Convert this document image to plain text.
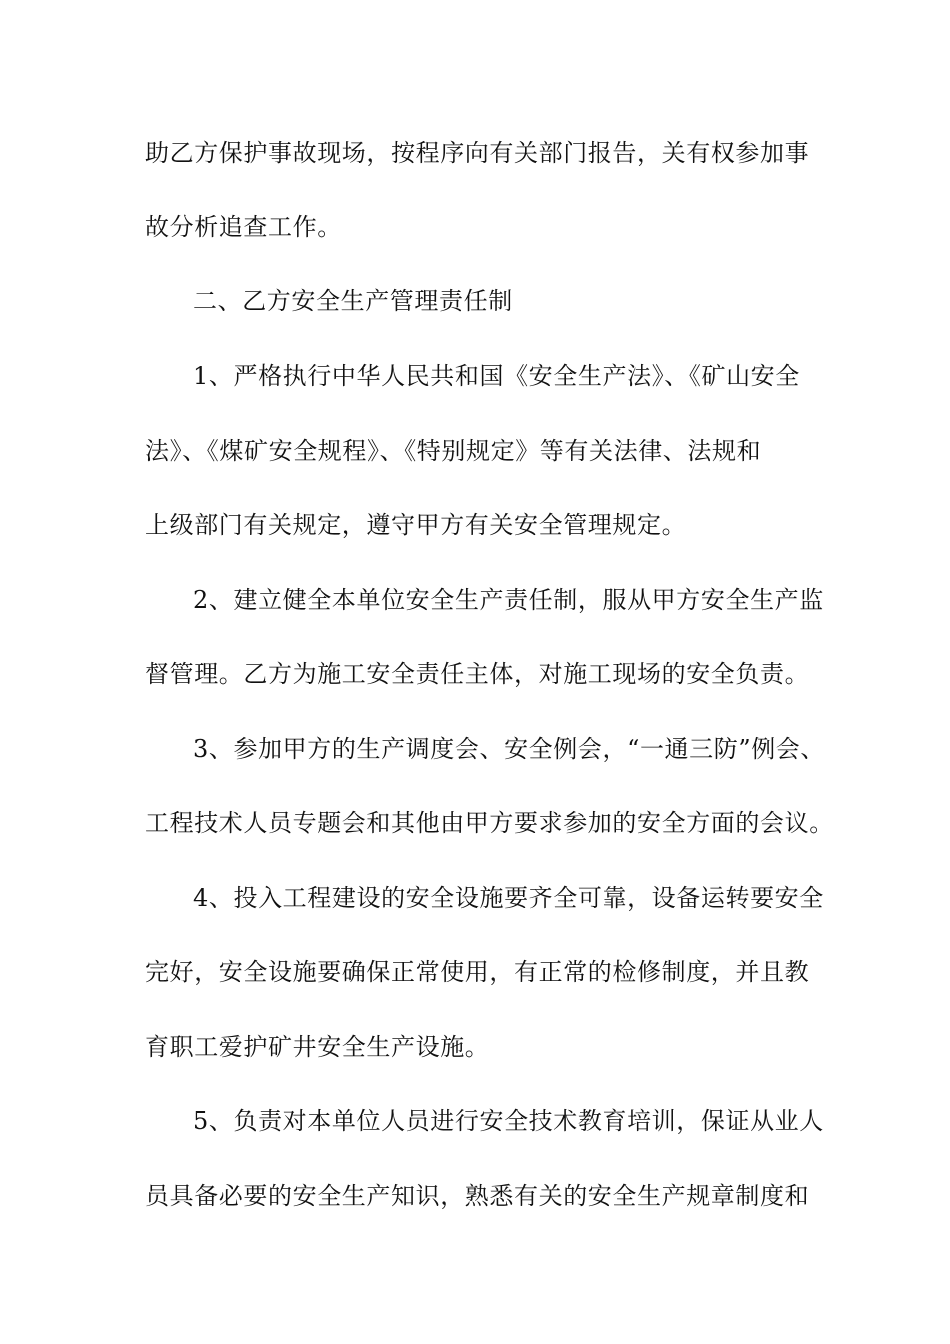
助乙方保护事故现场，按程序向有关部门报告，关有权参加事
故分析追查工作。
二、乙方安全生产管理责任制
1、严格执行中华人民共和国《安全生产法》、《矿山安全
法》、《煤矿安全规程》、《特别规定》等有关法律、法规和
上级部门有关规定，遵守甲方有关安全管理规定。
2、建立健全本单位安全生产责任制，服从甲方安全生产监
督管理。乙方为施工安全责任主体，对施工现场的安全负责。
3、参加甲方的生产调度会、安全例会，“一通三防”例会、
工程技术人员专题会和其他由甲方要求参加的安全方面的会议。
4、投入工程建设的安全设施要齐全可靠，设备运转要安全
完好，安全设施要确保正常使用，有正常的检修制度，并且教
育职工爱护矿井安全生产设施。
5、负责对本单位人员进行安全技术教育培训，保证从业人
员具备必要的安全生产知识，熟悉有关的安全生产规章制度和
